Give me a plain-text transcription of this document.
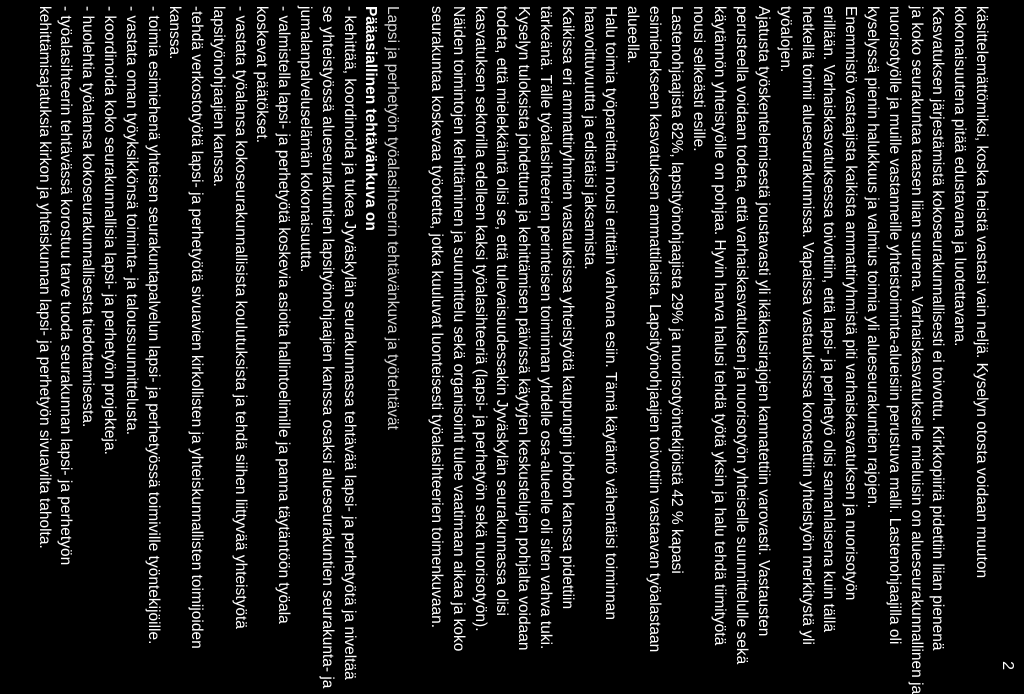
2
käsittelemättömiksi, koska heistä vastasi vain neljä. Kyselyn otosta voidaan muuton
kokonaisuutena pitää edustavana ja luotettavana.
Kasvatuksen järjestämistä kokoseurakunnallisesti ei toivottu. Kirkkopiiriä pidettiin liian pienenä
ja koko seurakuntaa taasen liian suurena. Varhaiskasvatukselle mieluisin on alueseurakunnallinen ja
nuorisotyölle ja muille vastanneille yhteistoiminta-alueisiin perustuva malli. Lastenohjaajilla oli
kyselyssä pienin halukkuus ja valmius toimia yli alueseurakuntien rajojen.
Enemmistö vastaajista kaikista ammattiryhmistä piti varhaiskasvatuksen ja nuorisotyön
erillään. Varhaiskasvatuksessa toivottiin, että lapsi- ja perhetyö olisi samanlaisena kuin tällä
hetkellä toimii alueseurakunnissa. Vapaissa vastauksissa korostettiin yhteistyön merkitystä yli
työalojen.
Ajatusta työskentelemisestä joustavasti yli ikäkausirajojen kannatettiin varovasti. Vastausten
perusteella voidaan todeta, että varhaiskasvatuksen ja nuorisotyön yhteiselle suunnittelulle sekä
käytännön yhteistyölle on pohjaa. Hyvin harva halusi tehdä työtä yksin ja halu tehdä tiimityötä
nousi selkeästi esille.
Lastenohjaajista 82%, lapsityönohjaajista 29% ja nuorisotyöntekijöistä 42 % kapasi
esimiehekseen kasvatuksen ammattilaista. Lapsityönohjaajien toivottiin vastaavan työalastaan
alueella.
Halu toimia työpareittain nousi erittäin vahvana esiin. Tämä käytäntö vähentäisi toiminnan
haavoittuvuutta ja edistäisi jaksamista.
Kaikissa eri ammattiryhmien vastauksissa yhteistyötä kaupungin johdon kanssa pidettiin
tärkeänä. Tälle työalasihteerien perinteisen toiminnan yhdelle osa-alueelle oli siten vahva tuki.
Kyselyn tuloksista johdettuna ja kehittämisen päivissä käytyjen keskustelujen pohjalta voidaan
todeta, että mielekkäintä olisi se, että tulevaisuudessakin Jyväskylän seurakunnassa olisi
kasvatuksen sektorilla edelleen kaksi työalasihteeriä (lapsi- ja perhetyön sekä nuorisotyön).
Näiden toimintojen kehittäminen ja suunnittelu sekä organisointi tulee vaatimaan aikaa ja koko
seurakuntaa koskevaa työotetta, jotka kuuluvat luonteisesti työalasihteerien toimenkuvaan.
Lapsi ja perhetyön työalasihteerin tehtävänkuva ja työtehtävät
Pääasiallinen tehtävänkuva on
- kehittää, koordinoida ja tukea Jyväskylän seurakunnassa tehtävää lapsi- ja perhetyötä ja niveltää
se yhteistyössä alueseurakuntien lapsityönohjaajien kanssa osaksi alueseurakuntien seurakunta- ja
jumalanpalveluselämän kokonaisuutta.
- valmistella lapsi- ja perhetyötä koskevia asioita hallintoelimille ja panna täytäntöön työala
koskevat päätökset.
- vastata työalansa kokoseurakunnallisista koulutuksista ja tehdä siihen liittyvää yhteistyötä
lapsityönohjaajien kanssa.
-tehdä verkostotyötä lapsi- ja perhetyötä sivuavien kirkollisten ja yhteiskunnallisten toimijoiden
kanssa.
- toimia esimiehenä yhteisen seurakuntapalvelun lapsi- ja perhetyössä toimiville työntekijöille.
- vastata oman työyksikkönsä toiminta- ja taloussuunnittelusta.
- koordinoida koko seurakunnallisia lapsi- ja perhetyön projekteja.
- huolehtia työalansa kokoseurakunnallisesta tiedottamisesta.
- työalasihteerin tehtävässä korostuu tarve tuoda seurakunnan lapsi- ja perhetyön
kehittämisajatuksia kirkon ja yhteiskunnan lapsi- ja perhetyön sivuavilta taholta.
